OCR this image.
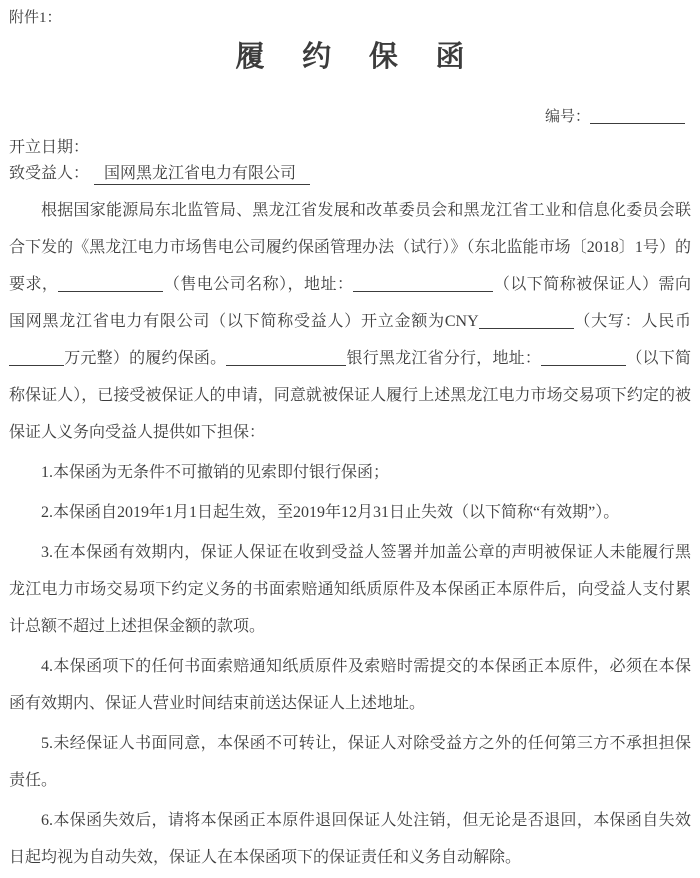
附件1：
履约保函
编号：
开立日期：
致受益人： 国网黑龙江省电力有限公司

根据国家能源局东北监管局、黑龙江省发展和改革委员会和黑龙江省工业和信息化委员会联合下发的《黑龙江电力市场售电公司履约保函管理办法（试行）》（东北监能市场〔2018〕1号）的要求，	（售电公司名称），地址：	（以下简称被保证人）需向国网黑龙江省电力有限公司（以下简称受益人）开立金额为CNY	（大写：人民币万元整）的履约保函。	银行黑龙江省分行，地址：	（以下简称保证人），已接受被保证人的申请，同意就被保证人履行上述黑龙江电力市场交易项下约定的被保证人义务向受益人提供如下担保：

1.本保函为无条件不可撤销的见索即付银行保函；

2.本保函自2019年1月1日起生效，至2019年12月31日止失效（以下简称“有效期”）。

3.在本保函有效期内，保证人保证在收到受益人签署并加盖公章的声明被保证人未能履行黑龙江电力市场交易项下约定义务的书面索赔通知纸质原件及本保函正本原件后，向受益人支付累计总额不超过上述担保金额的款项。

4.本保函项下的任何书面索赔通知纸质原件及索赔时需提交的本保函正本原件，必须在本保函有效期内、保证人营业时间结束前送达保证人上述地址。

5.未经保证人书面同意，本保函不可转让，保证人对除受益方之外的任何第三方不承担担保责任。

6.本保函失效后，请将本保函正本原件退回保证人处注销，但无论是否退回，本保函自失效日起均视为自动失效，保证人在本保函项下的保证责任和义务自动解除。
